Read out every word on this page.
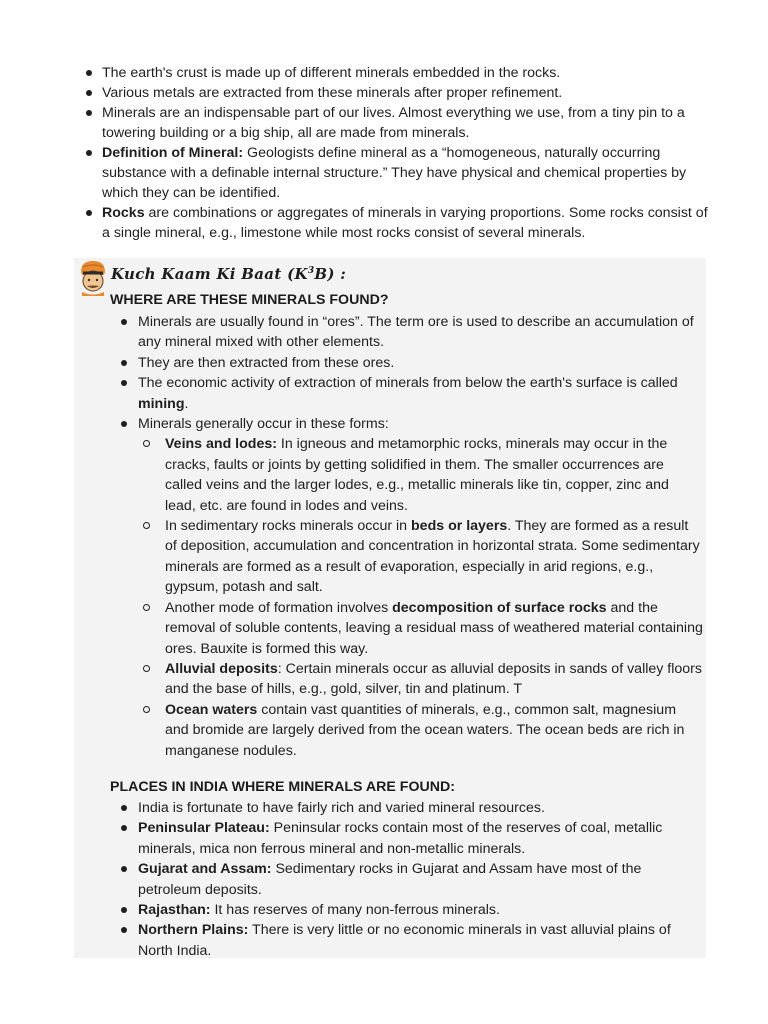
The earth's crust is made up of different minerals embedded in the rocks.
Various metals are extracted from these minerals after proper refinement.
Minerals are an indispensable part of our lives. Almost everything we use, from a tiny pin to a towering building or a big ship, all are made from minerals.
Definition of Mineral: Geologists define mineral as a “homogeneous, naturally occurring substance with a definable internal structure.” They have physical and chemical properties by which they can be identified.
Rocks are combinations or aggregates of minerals in varying proportions. Some rocks consist of a single mineral, e.g., limestone while most rocks consist of several minerals.
Kuch Kaam Ki Baat $(K^3B)$ :
WHERE ARE THESE MINERALS FOUND?
Minerals are usually found in “ores”. The term ore is used to describe an accumulation of any mineral mixed with other elements.
They are then extracted from these ores.
The economic activity of extraction of minerals from below the earth's surface is called mining.
Minerals generally occur in these forms:
Veins and lodes: In igneous and metamorphic rocks, minerals may occur in the cracks, faults or joints by getting solidified in them. The smaller occurrences are called veins and the larger lodes, e.g., metallic minerals like tin, copper, zinc and lead, etc. are found in lodes and veins.
In sedimentary rocks minerals occur in beds or layers. They are formed as a result of deposition, accumulation and concentration in horizontal strata. Some sedimentary minerals are formed as a result of evaporation, especially in arid regions, e.g., gypsum, potash and salt.
Another mode of formation involves decomposition of surface rocks and the removal of soluble contents, leaving a residual mass of weathered material containing ores. Bauxite is formed this way.
Alluvial deposits: Certain minerals occur as alluvial deposits in sands of valley floors and the base of hills, e.g., gold, silver, tin and platinum. T
Ocean waters contain vast quantities of minerals, e.g., common salt, magnesium and bromide are largely derived from the ocean waters. The ocean beds are rich in manganese nodules.
PLACES IN INDIA WHERE MINERALS ARE FOUND:
India is fortunate to have fairly rich and varied mineral resources.
Peninsular Plateau: Peninsular rocks contain most of the reserves of coal, metallic minerals, mica non ferrous mineral and non-metallic minerals.
Gujarat and Assam: Sedimentary rocks in Gujarat and Assam have most of the petroleum deposits.
Rajasthan: It has reserves of many non-ferrous minerals.
Northern Plains: There is very little or no economic minerals in vast alluvial plains of North India.
